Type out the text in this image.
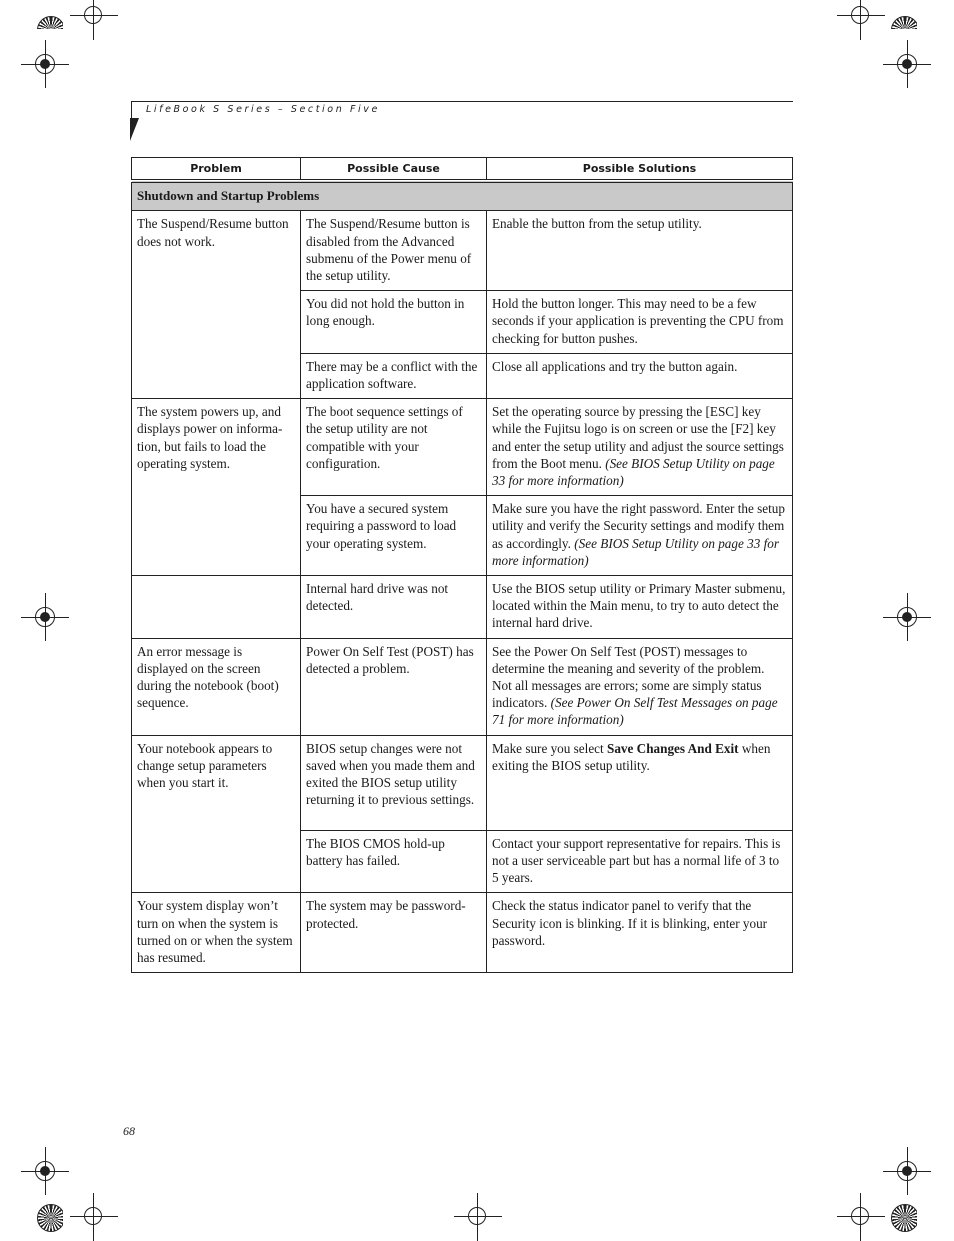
LifeBook S Series – Section Five
Problem	Possible Cause	Possible Solutions
Shutdown and Startup Problems		
The Suspend/Resume button does not work.	The Suspend/Resume button is disabled from the Advanced submenu of the Power menu of the setup utility.	Enable the button from the setup utility.
	You did not hold the button in long enough.	Hold the button longer. This may need to be a few seconds if your application is preventing the CPU from checking for button pushes.
	There may be a conflict with the application software.	Close all applications and try the button again.
The system powers up, and displays power on informa-tion, but fails to load the operating system.	The boot sequence settings of the setup utility are not compatible with your configuration.	Set the operating source by pressing the [ESC] key while the Fujitsu logo is on screen or use the [F2] key and enter the setup utility and adjust the source settings from the Boot menu. (See BIOS Setup Utility on page 33 for more information)
	You have a secured system requiring a password to load your operating system.	Make sure you have the right password. Enter the setup utility and verify the Security settings and modify them as accordingly. (See BIOS Setup Utility on page 33 for more information)
	Internal hard drive was not detected.	Use the BIOS setup utility or Primary Master submenu, located within the Main menu, to try to auto detect the internal hard drive.
An error message is displayed on the screen during the notebook (boot) sequence.	Power On Self Test (POST) has detected a problem.	See the Power On Self Test (POST) messages to determine the meaning and severity of the problem. Not all messages are errors; some are simply status indicators. (See Power On Self Test Messages on page 71 for more information)
Your notebook appears to change setup parameters when you start it.	BIOS setup changes were not saved when you made them and exited the BIOS setup utility returning it to previous settings.	Make sure you select Save Changes And Exit when exiting the BIOS setup utility.
	The BIOS CMOS hold-up battery has failed.	Contact your support representative for repairs. This is not a user serviceable part but has a normal life of 3 to 5 years.
Your system display won’t turn on when the system is turned on or when the system has resumed.	The system may be password-protected.	Check the status indicator panel to verify that the Security icon is blinking. If it is blinking, enter your password.
68
